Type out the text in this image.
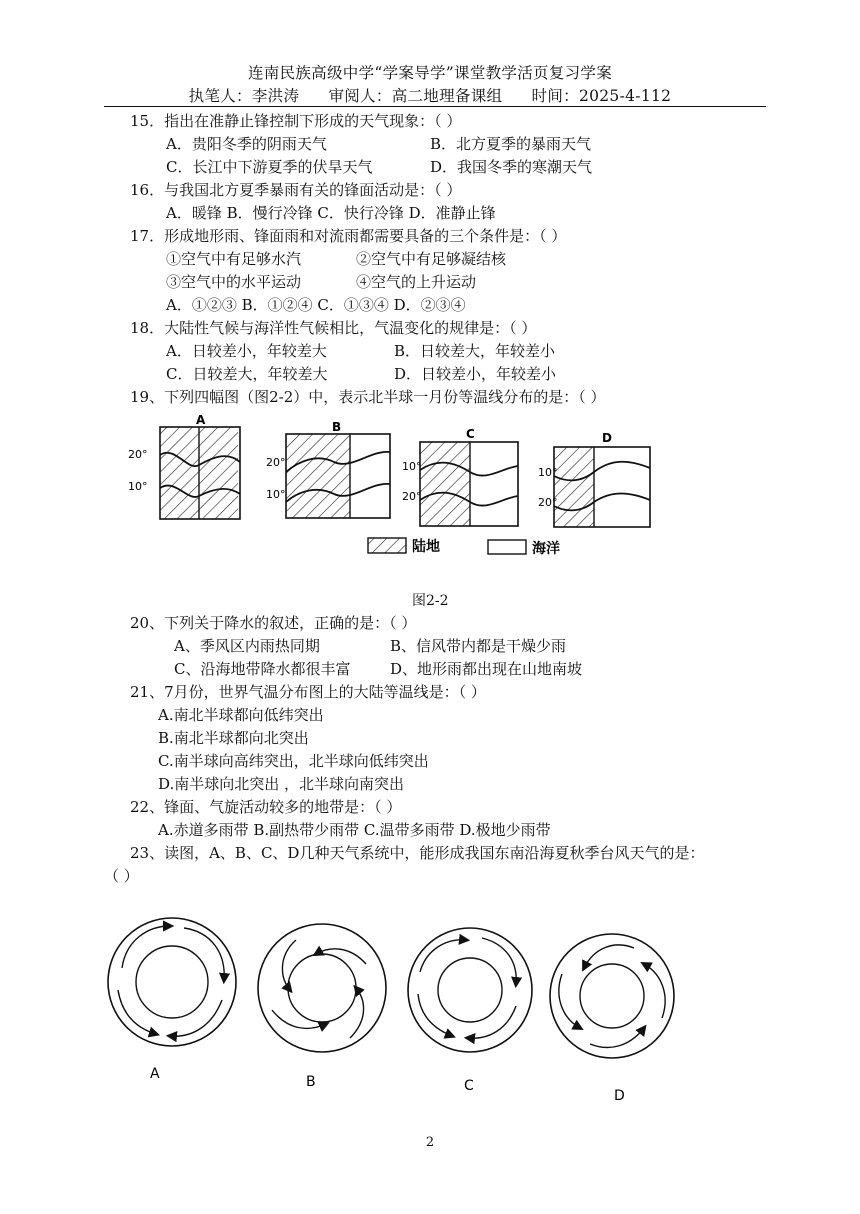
连南民族高级中学“学案导学”课堂教学活页复习学案
执笔人：李洪涛 审阅人：高二地理备课组 时间：2025-4-112
15．指出在准静止锋控制下形成的天气现象：（ ）
A．贵阳冬季的阴雨天气	B．北方夏季的暴雨天气
C．长江中下游夏季的伏旱天气	D．我国冬季的寒潮天气
16．与我国北方夏季暴雨有关的锋面活动是：（ ）
A．暖锋 B．慢行冷锋 C．快行冷锋 D．准静止锋
17．形成地形雨、锋面雨和对流雨都需要具备的三个条件是：（ ）
①空气中有足够水汽	②空气中有足够凝结核
③空气中的水平运动	④空气的上升运动
A．①②③ B．①②④ C．①③④ D．②③④
18．大陆性气候与海洋性气候相比，气温变化的规律是：（ ）
A．日较差小，年较差大	B．日较差大，年较差小
C．日较差大，年较差大	D．日较差小，年较差小
19、下列四幅图（图2-2）中，表示北半球一月份等温线分布的是：（ ）
A
20°
10°
B
20°
10°
C
10°
20°
D
10°
20°
陆地	海洋
图2-2
20、下列关于降水的叙述，正确的是：（ ）
A、季风区内雨热同期	B、信风带内都是干燥少雨
C、沿海地带降水都很丰富	D、地形雨都出现在山地南坡
21、7月份，世界气温分布图上的大陆等温线是：（ ）
A.南北半球都向低纬突出
B.南北半球都向北突出
C.南半球向高纬突出，北半球向低纬突出
D.南半球向北突出 ，北半球向南突出
22、锋面、气旋活动较多的地带是：（ ）
A.赤道多雨带 B.副热带少雨带 C.温带多雨带 D.极地少雨带
23、读图，A、B、C、D几种天气系统中，能形成我国东南沿海夏秋季台风天气的是：
（ ）
A	B	C
D
2
